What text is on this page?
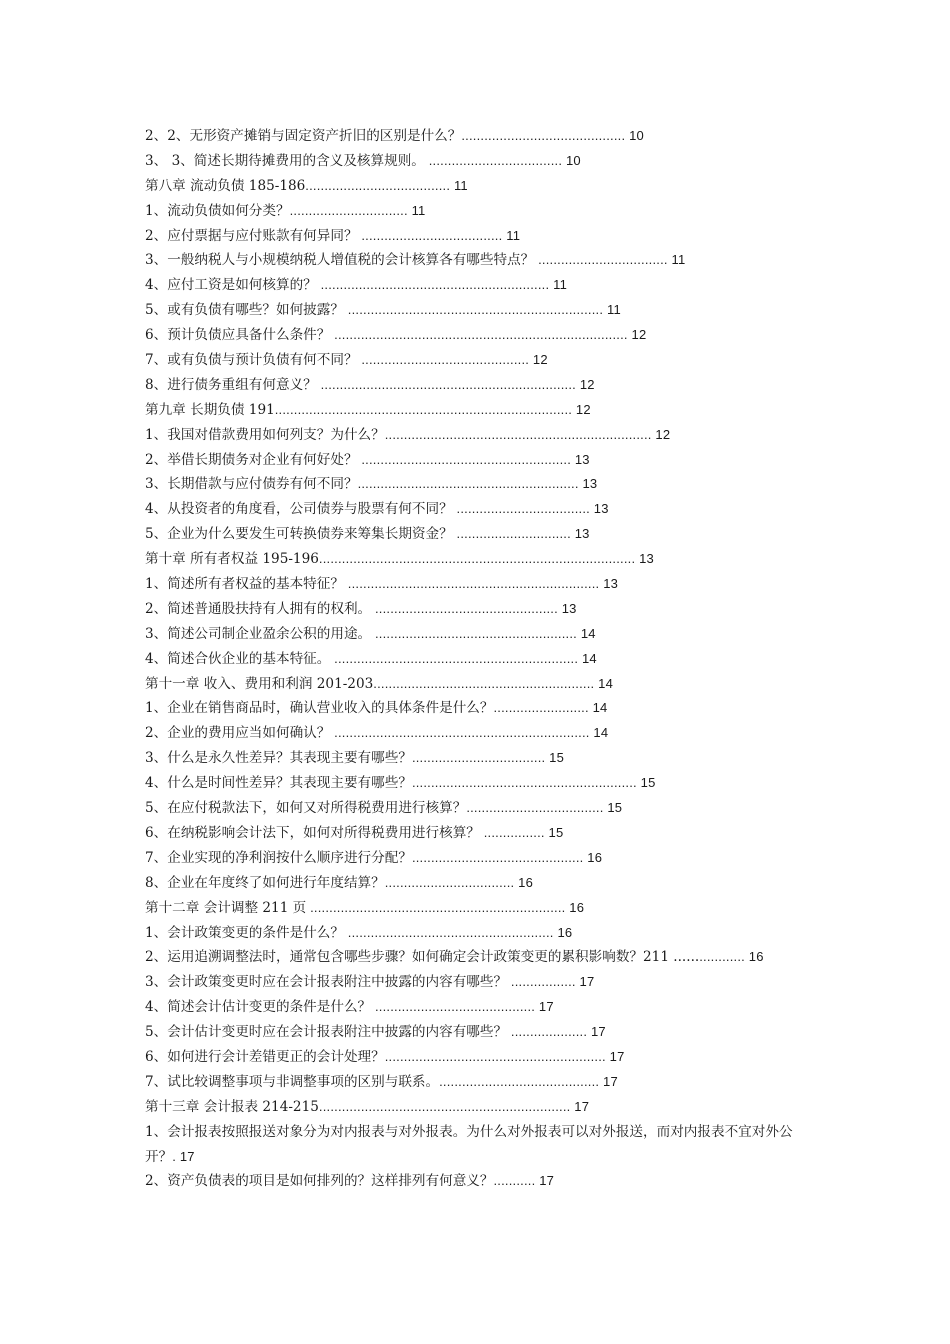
2、2、无形资产摊销与固定资产折旧的区别是什么？........................................... 10
3、 3、简述长期待摊费用的含义及核算规则。 ................................... 10
第八章 流动负债 185-186...................................... 11
1、流动负债如何分类？............................... 11
2、应付票据与应付账款有何异同？ ..................................... 11
3、一般纳税人与小规模纳税人增值税的会计核算各有哪些特点？ .................................. 11
4、应付工资是如何核算的？ ............................................................ 11
5、或有负债有哪些？如何披露？ ................................................................... 11
6、预计负债应具备什么条件？ ............................................................................. 12
7、或有负债与预计负债有何不同？ ............................................ 12
8、进行债务重组有何意义？ ................................................................... 12
第九章 长期负债 191.............................................................................. 12
1、我国对借款费用如何列支？为什么？...................................................................... 12
2、举借长期债务对企业有何好处？ ....................................................... 13
3、长期借款与应付债券有何不同？.......................................................... 13
4、从投资者的角度看，公司债券与股票有何不同？ ................................... 13
5、企业为什么要发生可转换债券来筹集长期资金？ .............................. 13
第十章 所有者权益 195-196................................................................................... 13
1、简述所有者权益的基本特征？ .................................................................. 13
2、简述普通股扶持有人拥有的权利。 ................................................ 13
3、简述公司制企业盈余公积的用途。 ..................................................... 14
4、简述合伙企业的基本特征。 ................................................................ 14
第十一章 收入、费用和利润 201-203.......................................................... 14
1、企业在销售商品时，确认营业收入的具体条件是什么？......................... 14
2、企业的费用应当如何确认？ ................................................................... 14
3、什么是永久性差异？其表现主要有哪些？................................... 15
4、什么是时间性差异？其表现主要有哪些？........................................................... 15
5、在应付税款法下，如何又对所得税费用进行核算？.................................... 15
6、在纳税影响会计法下，如何对所得税费用进行核算？ ................ 15
7、企业实现的净利润按什么顺序进行分配？............................................. 16
8、企业在年度终了如何进行年度结算？.................................. 16
第十二章 会计调整 211 页 ................................................................... 16
1、会计政策变更的条件是什么？ ...................................................... 16
2、运用追溯调整法时，通常包含哪些步骤？如何确定会计政策变更的累积影响数？211 .................. 16
3、会计政策变更时应在会计报表附注中披露的内容有哪些？ ................. 17
4、简述会计估计变更的条件是什么？ .......................................... 17
5、会计估计变更时应在会计报表附注中披露的内容有哪些？ .................... 17
6、如何进行会计差错更正的会计处理？.......................................................... 17
7、试比较调整事项与非调整事项的区别与联系。.......................................... 17
第十三章 会计报表 214-215.................................................................. 17
1、会计报表按照报送对象分为对内报表与对外报表。为什么对外报表可以对外报送，而对内报表不宜对外公开？. 17
2、资产负债表的项目是如何排列的？这样排列有何意义？........... 17
